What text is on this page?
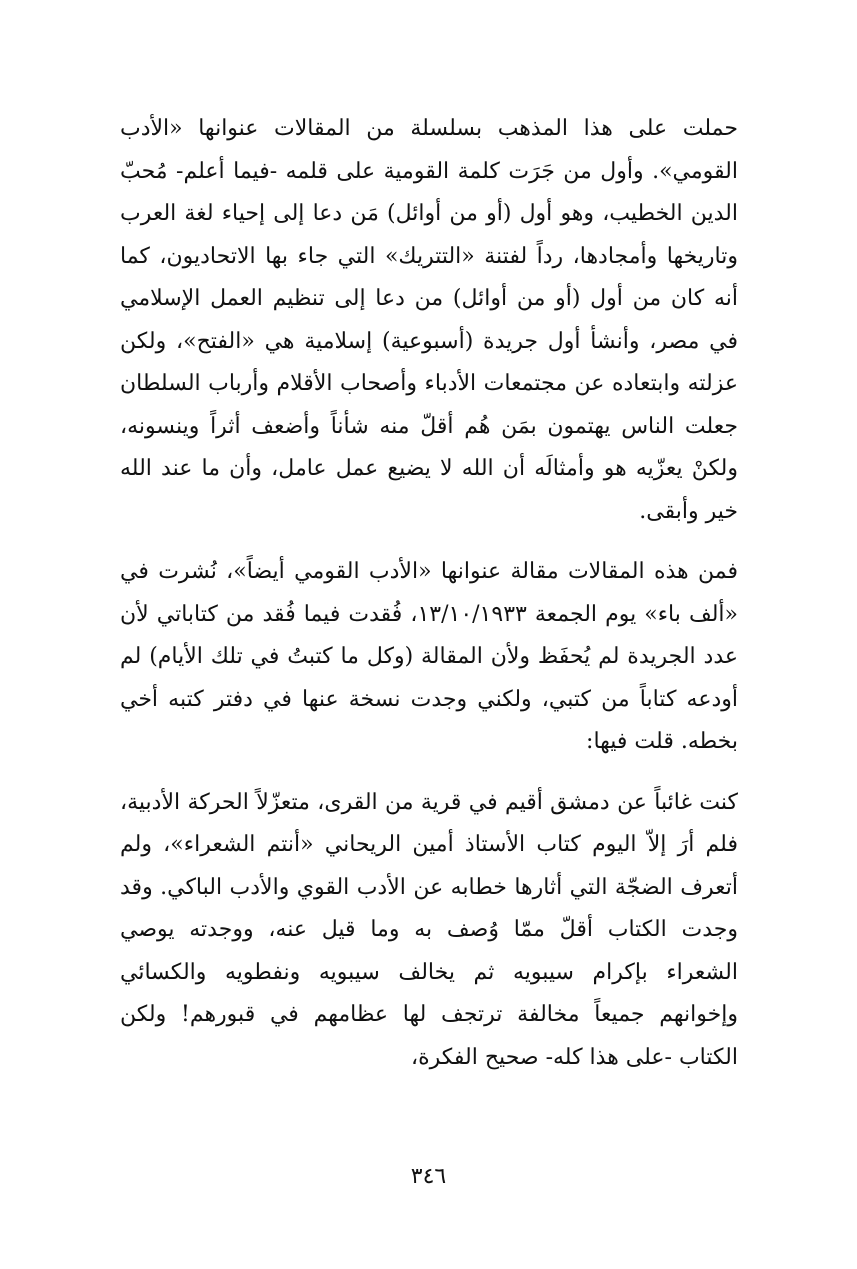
حملت على هذا المذهب بسلسلة من المقالات عنوانها «الأدب القومي». وأول من جَرَت كلمة القومية على قلمه -فيما أعلم- مُحبّ الدين الخطيب، وهو أول (أو من أوائل) مَن دعا إلى إحياء لغة العرب وتاريخها وأمجادها، رداً لفتنة «التتريك» التي جاء بها الاتحاديون، كما أنه كان من أول (أو من أوائل) من دعا إلى تنظيم العمل الإسلامي في مصر، وأنشأ أول جريدة (أسبوعية) إسلامية هي «الفتح»، ولكن عزلته وابتعاده عن مجتمعات الأدباء وأصحاب الأقلام وأرباب السلطان جعلت الناس يهتمون بمَن هُم أقلّ منه شأناً وأضعف أثراً وينسونه، ولكنْ يعزّيه هو وأمثالَه أن الله لا يضيع عمل عامل، وأن ما عند الله خير وأبقى.

فمن هذه المقالات مقالة عنوانها «الأدب القومي أيضاً»، نُشرت في «ألف باء» يوم الجمعة ١٣/١٠/١٩٣٣، فُقدت فيما فُقد من كتاباتي لأن عدد الجريدة لم يُحفَظ ولأن المقالة (وكل ما كتبتُ في تلك الأيام) لم أودعه كتاباً من كتبي، ولكني وجدت نسخة عنها في دفتر كتبه أخي بخطه. قلت فيها:

كنت غائباً عن دمشق أقيم في قرية من القرى، متعزّلاً الحركة الأدبية، فلم أرَ إلاّ اليوم كتاب الأستاذ أمين الريحاني «أنتم الشعراء»، ولم أتعرف الضجّة التي أثارها خطابه عن الأدب القوي والأدب الباكي. وقد وجدت الكتاب أقلّ ممّا وُصف به وما قيل عنه، ووجدته يوصي الشعراء بإكرام سيبويه ثم يخالف سيبويه ونفطويه والكسائي وإخوانهم جميعاً مخالفة ترتجف لها عظامهم في قبورهم! ولكن الكتاب -على هذا كله- صحيح الفكرة،

٣٤٦
